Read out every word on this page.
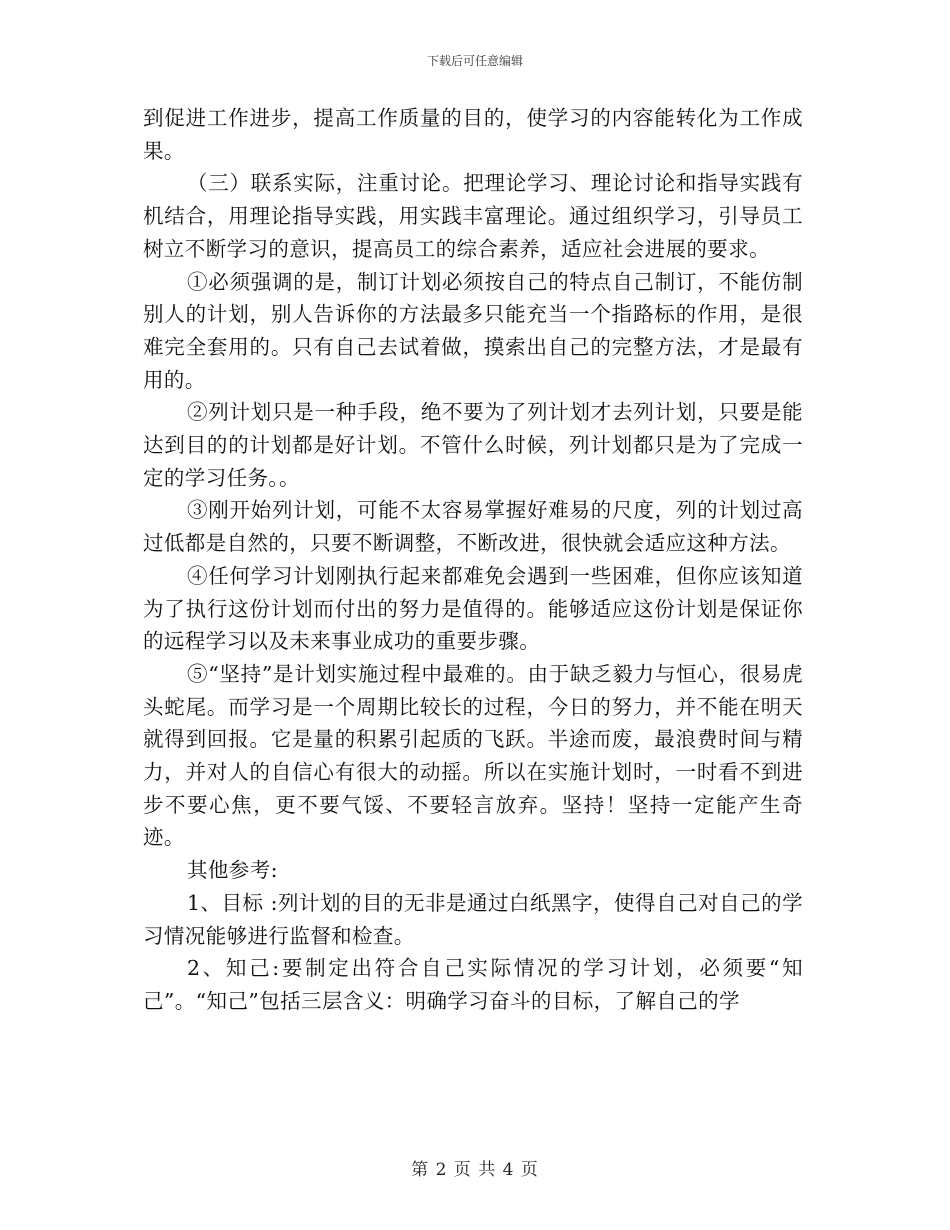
下载后可任意编辑

到促进工作进步，提高工作质量的目的，使学习的内容能转化为工作成果。

（三）联系实际，注重讨论。把理论学习、理论讨论和指导实践有机结合，用理论指导实践，用实践丰富理论。通过组织学习，引导员工树立不断学习的意识，提高员工的综合素养，适应社会进展的要求。

①必须强调的是，制订计划必须按自己的特点自己制订，不能仿制别人的计划，别人告诉你的方法最多只能充当一个指路标的作用，是很难完全套用的。只有自己去试着做，摸索出自己的完整方法，才是最有用的。

②列计划只是一种手段，绝不要为了列计划才去列计划，只要是能达到目的的计划都是好计划。不管什么时候，列计划都只是为了完成一定的学习任务。。

③刚开始列计划，可能不太容易掌握好难易的尺度，列的计划过高过低都是自然的，只要不断调整，不断改进，很快就会适应这种方法。

④任何学习计划刚执行起来都难免会遇到一些困难，但你应该知道为了执行这份计划而付出的努力是值得的。能够适应这份计划是保证你的远程学习以及未来事业成功的重要步骤。

⑤“坚持”是计划实施过程中最难的。由于缺乏毅力与恒心，很易虎头蛇尾。而学习是一个周期比较长的过程，今日的努力，并不能在明天就得到回报。它是量的积累引起质的飞跃。半途而废，最浪费时间与精力，并对人的自信心有很大的动摇。所以在实施计划时，一时看不到进步不要心焦，更不要气馁、不要轻言放弃。坚持！坚持一定能产生奇迹。

其他参考:

1、目标 :列计划的目的无非是通过白纸黑字，使得自己对自己的学习情况能够进行监督和检查。

2、知己:要制定出符合自己实际情况的学习计划，必须要“知己”。“知己”包括三层含义：明确学习奋斗的目标，了解自己的学

第 2 页 共 4 页
